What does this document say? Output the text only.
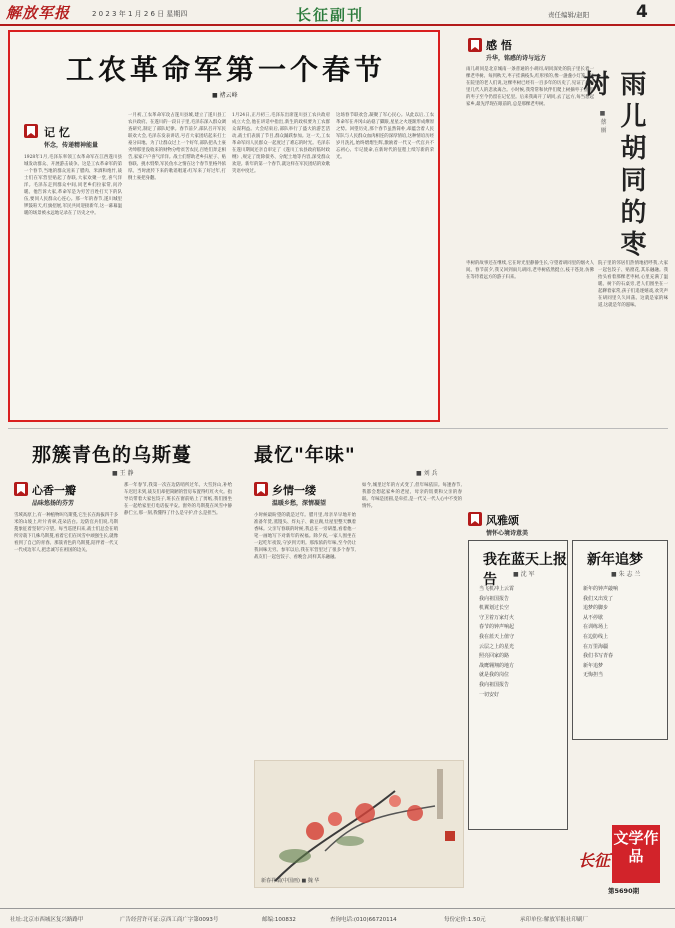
解放军报	2 0 2 3 年 1 月 2 6 日 星期四	长征副刊	责任编辑/赵阳	4
工农革命军第一个春节
■ 褚云峰
记 忆
怀念，传递精神能量
1928年1月,毛泽东率领工农革命军在江西遂川县城发动群众、开展游击战争。这是工农革命军的第一个春节,当地的群众送来了腊肉、米酒和炮竹,战士们在军营里贴起了春联,大家欢聚一堂,喜气洋洋。毛泽东走到群众中间,同老乡们拉家常,问冷暖。他告诉大家,革命军是为穷苦百姓打天下的队伍,要同人民群众心连心。那一年的春节,遂川城里锣鼓喧天,红旗招展,军民共同迎接新年,这一幕幕温暖的场景被永远地记录在了历史之中。
一月初,工农革命军攻占遂川县城,建立了遂川县工农兵政府。在遂川的一段日子里,毛泽东深入群众调查研究,制定了部队纪律。春节前夕,部队召开军民联欢大会,毛泽东发表讲话,号召大家团结起来打土豪分田地。为了让群众过上一个好年,部队把从土豪劣绅那里没收来的财物分给贫苦农民,百姓们奔走相告,家家户户喜气洋洋。战士们帮助老乡扫屋子、贴春联、挑水劈柴,军民鱼水之情在这个春节里格外浓厚。当时流传下来的歌谣唱道:红军来了好过年,打倒土豪把身翻。
1月24日,正月初三,毛泽东出席遂川县工农兵政府成立大会,他在讲话中指出,新生的政权要为工农群众谋利益。大会结束后,部队举行了盛大的游艺活动,战士们表演了节目,群众踊跃参加。这一天,工农革命军同人民群众一起度过了难忘的时光。毛泽东在遂川期间还亲自审定了《遂川工农县政府临时政纲》,规定了废除债务、分配土地等内容,深受群众欢迎。新年的第一个春节,就这样在军民团结的欢歌笑语中度过。
这场春节联欢会,凝聚了军心民心。从此以后,工农革命军在井冈山站稳了脚跟,星星之火逐渐形成燎原之势。回望历史,那个春节虽然简朴,却蕴含着人民军队与人民群众血肉相连的深厚情谊,这种情谊历经岁月洗礼,始终熠熠生辉,激励着一代又一代官兵不忘初心、牢记使命,在新时代的征程上续写新的荣光。
感 悟
升华，铭感的诗与远方
雨儿胡同的枣树
■ 蔡 丽
雨儿胡同是北京城南一条普通的小胡同,胡同深处的院子里长着一棵老枣树。每到秋天,枣子挂满枝头,红彤彤的,像一盏盏小灯笼。住在院里的老人们说,这棵枣树已经有一百多年的历史了,见证了胡同里几代人的悲欢离合。小时候,我常常和伙伴们爬上树摘枣子,甜甜的枣子至今仍留在记忆里。后来我离开了胡同,去了远方,每当想起家乡,最先浮现在眼前的,总是那棵老枣树。
枣树的故事还在继续,它在时光里静静生长,守望着胡同里的烟火人间。春节前夕,我又回到雨儿胡同,老枣树依然挺立,枝干苍劲,仿佛在等待着远方的游子归来。
院子里的邻居们热情地招呼我,大家一起包饺子、贴窗花,其乐融融。我抬头看着那棵老枣树,心里充满了温暖。树下的石桌旁,老人们围坐在一起聊着家常,孩子们追逐嬉戏,欢笑声在胡同里久久回荡。这就是家的味道,这就是年的滋味。
那簇青色的乌斯蔓
■ 王 静
最忆"年味"
■ 刘 兵
心香一瓣
品味悠扬的芬芳
雪域高原上,有一种植物叫乌斯蔓,它生长在海拔四千多米的山坡上,叶片青翠,花朵洁白。边防官兵们说,乌斯蔓象征着坚韧与守望。每当巡逻归来,战士们总会在哨所旁栽下几株乌斯蔓,看着它们在风雪中顽强生长,就像看到了自己的青春。那簇青色的乌斯蔓,陪伴着一代又一代戍边军人,把忠诚写在祖国的边关。
那一年春节,我第一次在边防哨所过年。大雪封山,补给车迟迟未到,战友们却把简陋的营房布置得红红火火。指导员带着大家包饺子,班长在窗前贴上了剪纸,我们围坐在一起给家里打电话报平安。窗外的乌斯蔓在风雪中静静伫立,那一刻,我懂得了什么是守护,什么是担当。
乡情一缕
温暖乡愁，深情凝望
小时候最盼望的就是过年。腊月里,母亲早早地开始准备年货,蒸馒头、炸丸子、做豆腐,灶屋里整天飘着香味。父亲写春联的时候,我总在一旁研墨,看着他一笔一画地写下对新年的祝福。除夕夜,一家人围坐在一起吃年夜饭,守岁到天明。那浓浓的年味,至今仍让我回味无穷。参军以后,我在军营里过了很多个春节,战友们一起包饺子、看晚会,同样其乐融融。
如今,城里过年的方式变了,但年味依旧。每逢春节,我都会想起家乡的老屋、母亲的饭菜和父亲的春联。年味是团圆,是牵挂,是一代又一代人心中不变的情怀。
新春祥瑞(中国画) ■ 魏 华
风雅颂
情怀心境诗意美
我在蓝天上报告	■ 沈 军
当飞机冲上云霄
我向祖国报告
机翼划过长空
守卫着万家灯火
春节的钟声响起
我在蓝天上值守
云层之上的星光
照亮回家的路
战鹰翱翔的地方
就是我的岗位
我向祖国报告
一切安好
新年追梦
■ 朱 志 兰
新年的钟声敲响
我们又出发了
追梦的脚步
从不停歇
在训练场上
在边防线上
在万里海疆
我们书写青春
新年追梦
无悔担当
文学作品
长征
第5690期
社址:北京市西城区复兴路路甲	广告经营许可证:京西工商广字第0093号	邮编:100832	查询电话:(010)66720114	每份定价:1.50元	承印单位:解放军报社印刷厂
